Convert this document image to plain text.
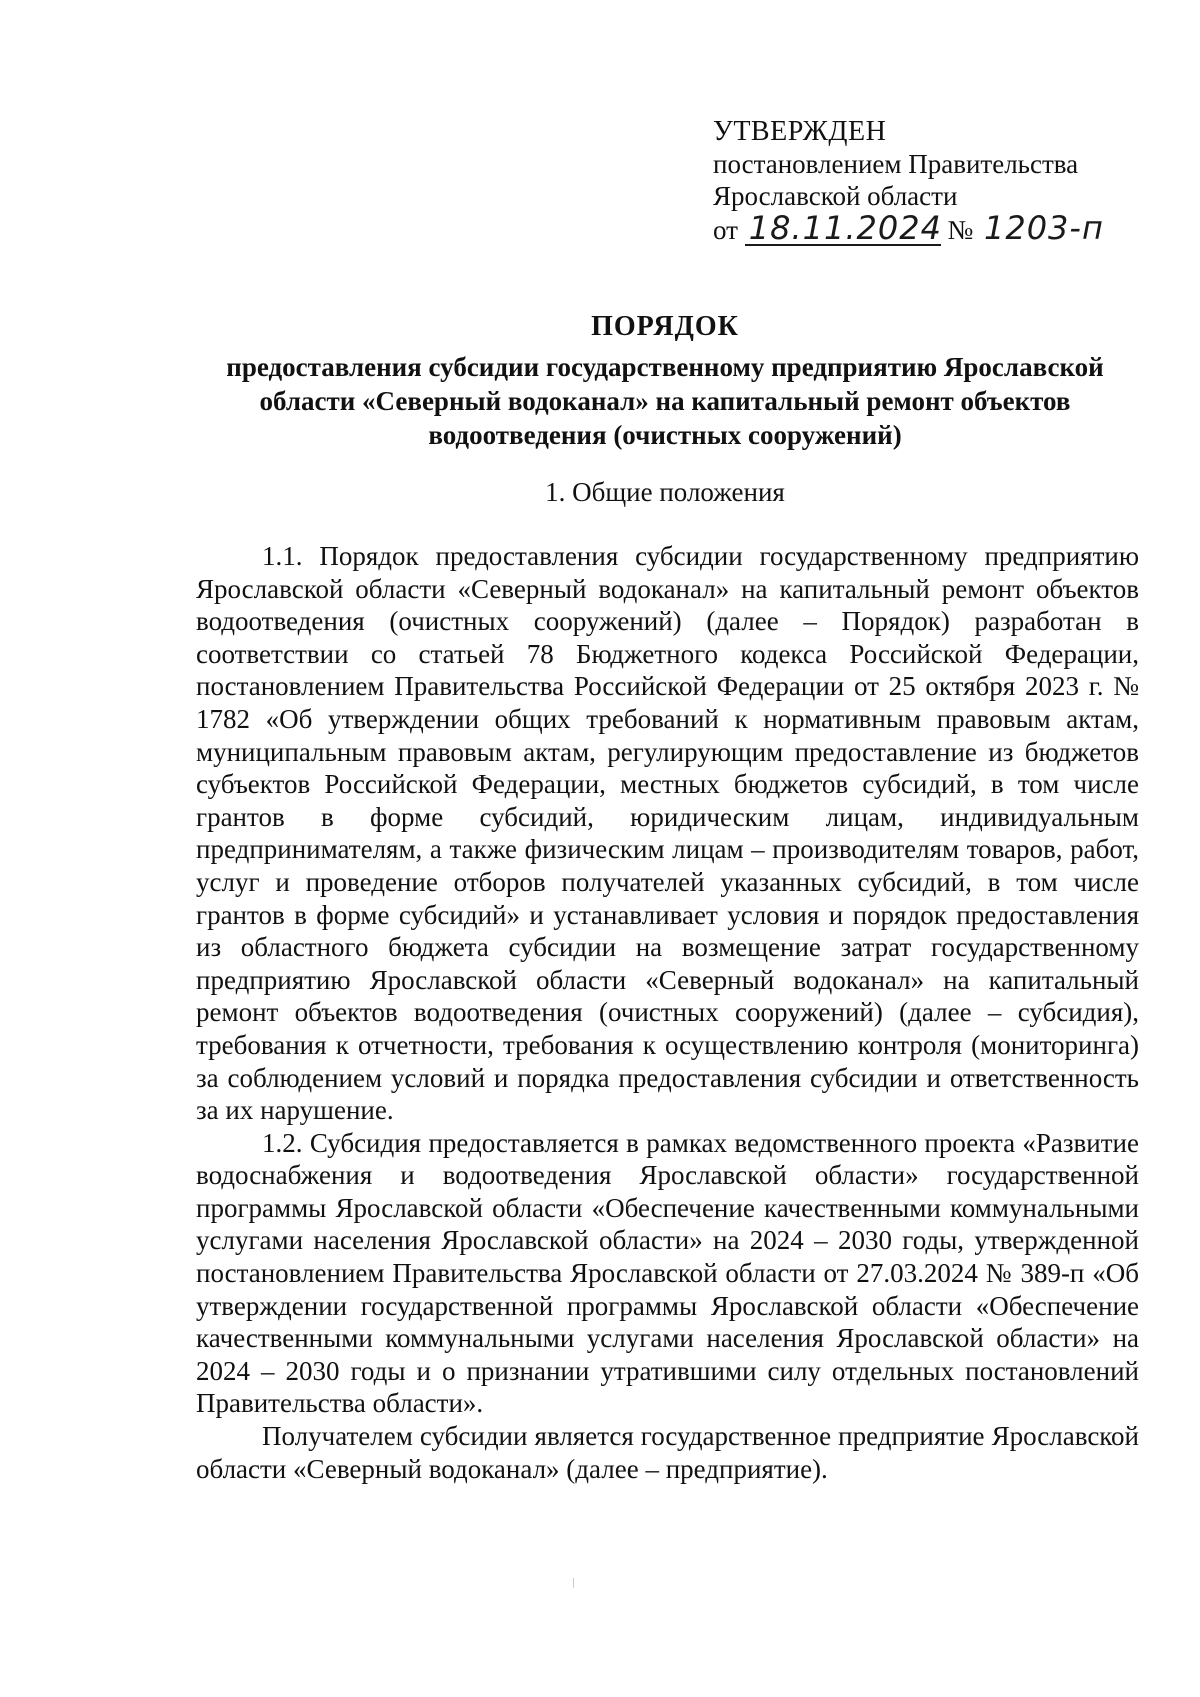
УТВЕРЖДЕН
постановлением Правительства
Ярославской области
от 18.11.2024 № 1203-п
ПОРЯДОК
предоставления субсидии государственному предприятию Ярославской области «Северный водоканал» на капитальный ремонт объектов водоотведения (очистных сооружений)
1. Общие положения

1.1. Порядок предоставления субсидии государственному предприятию Ярославской области «Северный водоканал» на капитальный ремонт объектов водоотведения (очистных сооружений) (далее – Порядок) разработан в соответствии со статьей 78 Бюджетного кодекса Российской Федерации, постановлением Правительства Российской Федерации от 25 октября 2023 г. № 1782 «Об утверждении общих требований к нормативным правовым актам, муниципальным правовым актам, регулирующим предоставление из бюджетов субъектов Российской Федерации, местных бюджетов субсидий, в том числе грантов в форме субсидий, юридическим лицам, индивидуальным предпринимателям, а также физическим лицам – производителям товаров, работ, услуг и проведение отборов получателей указанных субсидий, в том числе грантов в форме субсидий» и устанавливает условия и порядок предоставления из областного бюджета субсидии на возмещение затрат государственному предприятию Ярославской области «Северный водоканал» на капитальный ремонт объектов водоотведения (очистных сооружений) (далее – субсидия), требования к отчетности, требования к осуществлению контроля (мониторинга) за соблюдением условий и порядка предоставления субсидии и ответственность за их нарушение.

1.2. Субсидия предоставляется в рамках ведомственного проекта «Развитие водоснабжения и водоотведения Ярославской области» государственной программы Ярославской области «Обеспечение качественными коммунальными услугами населения Ярославской области» на 2024 – 2030 годы, утвержденной постановлением Правительства Ярославской области от 27.03.2024 № 389-п «Об утверждении государственной программы Ярославской области «Обеспечение качественными коммунальными услугами населения Ярославской области» на 2024 – 2030 годы и о признании утратившими силу отдельных постановлений Правительства области».

Получателем субсидии является государственное предприятие Ярославской области «Северный водоканал» (далее – предприятие).
